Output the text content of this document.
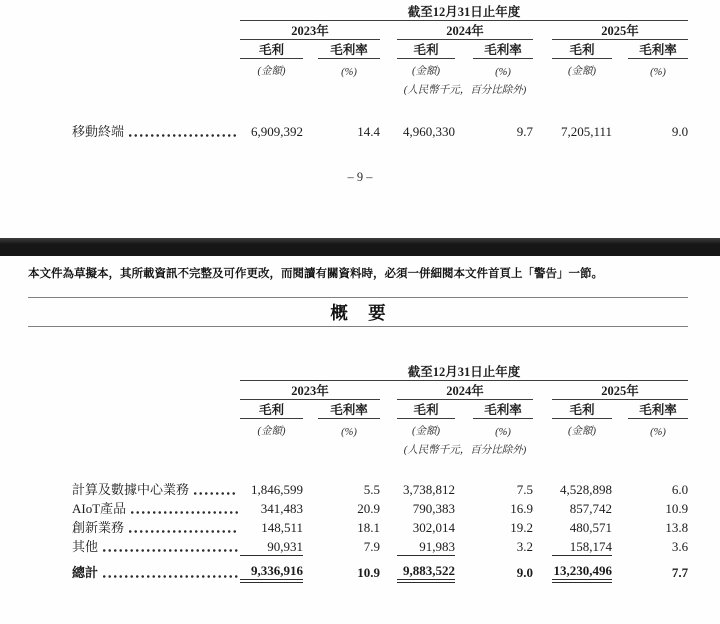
	截至12月31日止年度										
	2023年				2024年				2025年		
	毛利		毛利率		毛利		毛利率		毛利		毛利率
	(金額)		(%)		(金額)		(%)		(金額)		(%)
					(人民幣千元，百分比除外)						

移動終端	6,909,392		14.4		4,960,330		9.7		7,205,111		9.0
– 9 –
本文件為草擬本，其所載資訊不完整及可作更改，而閱讀有關資料時，必須一併細閱本文件首頁上「警告」一節。
概 要
	截至12月31日止年度										
	2023年				2024年				2025年		
	毛利		毛利率		毛利		毛利率		毛利		毛利率
	(金額)		(%)		(金額)		(%)		(金額)		(%)
					(人民幣千元，百分比除外)						

計算及數據中心業務	1,846,599		5.5		3,738,812		7.5		4,528,898		6.0

AIoT產品	341,483		20.9		790,383		16.9		857,742		10.9

創新業務	148,511		18.1		302,014		19.2		480,571		13.8

其他	90,931		7.9		91,983		3.2		158,174		3.6

總計	9,336,916		10.9		9,883,522		9.0		13,230,496		7.7
